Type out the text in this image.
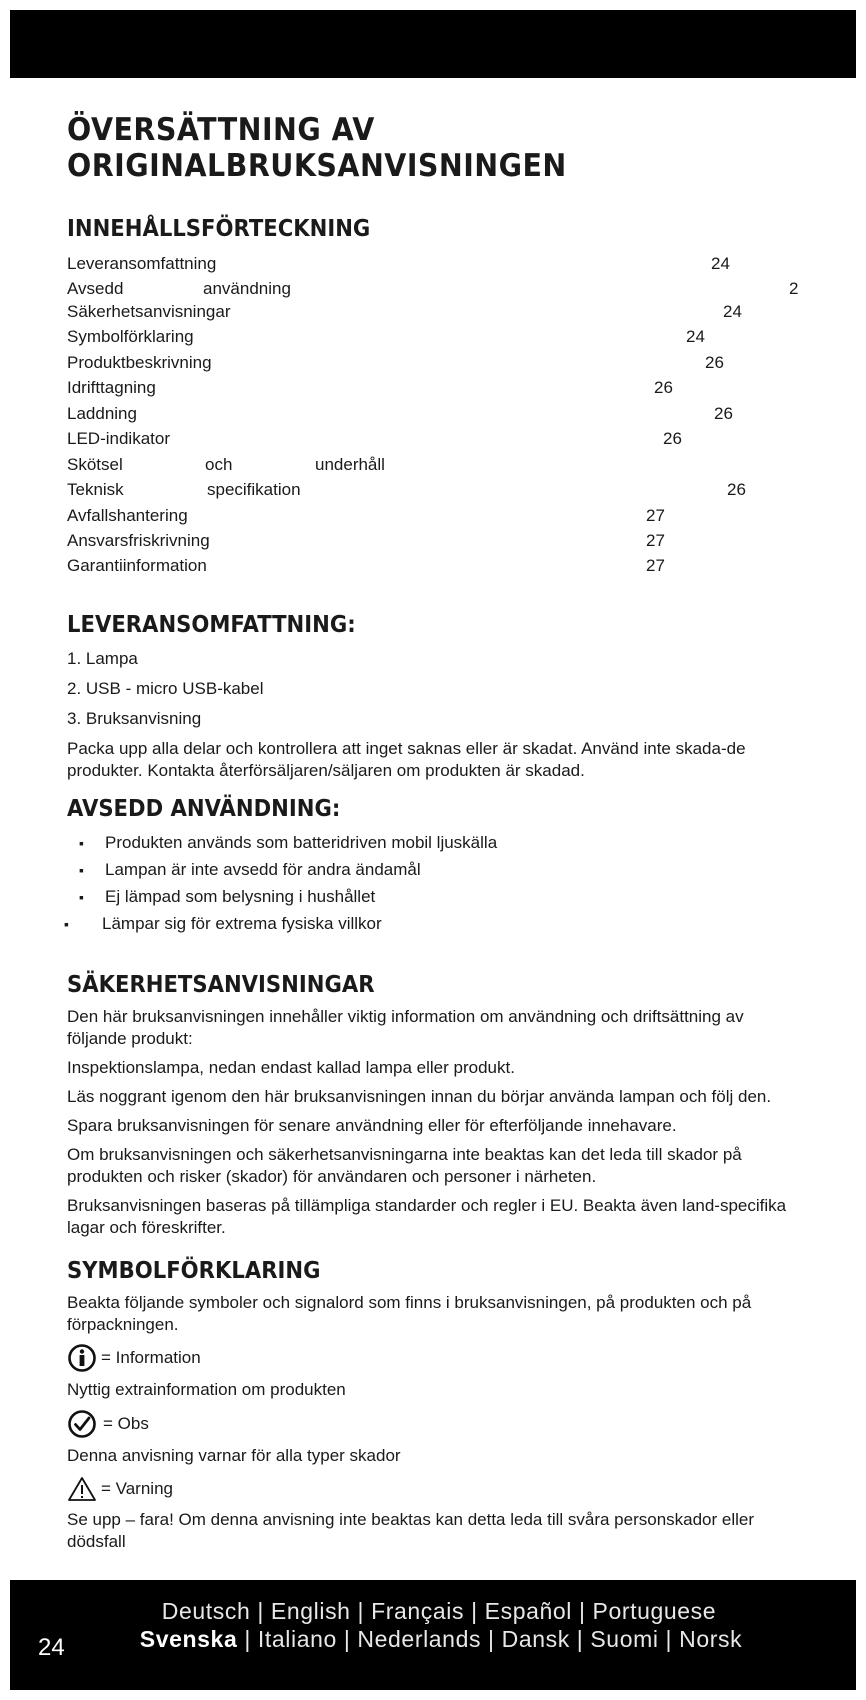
ÖVERSÄTTNING AV ORIGINALBRUKSANVISNINGEN
INNEHÅLLSFÖRTECKNING
Leveransomfattning	24
Avsedd	användning	2
Säkerhetsanvisningar	24
Symbolförklaring	24
Produktbeskrivning	26
Idrifttagning	26
Laddning	26
LED-indikator	26
Skötsel	och	underhåll
Teknisk	specifikation	26
Avfallshantering	27
Ansvarsfriskrivning	27
Garantiinformation	27
LEVERANSOMFATTNING:
1. Lampa
2. USB - micro USB-kabel
3. Bruksanvisning

Packa upp alla delar och kontrollera att inget saknas eller är skadat. Använd inte skada-de produkter. Kontakta återförsäljaren/säljaren om produkten är skadad.

AVSEDD ANVÄNDNING:
▪ Produkten används som batteridriven mobil ljuskälla
▪ Lampan är inte avsedd för andra ändamål
▪ Ej lämpad som belysning i hushållet
▪ Lämpar sig för extrema fysiska villkor
SÄKERHETSANVISNINGAR

Den här bruksanvisningen innehåller viktig information om användning och driftsättning av följande produkt:

Inspektionslampa, nedan endast kallad lampa eller produkt.

Läs noggrant igenom den här bruksanvisningen innan du börjar använda lampan och följ den.

Spara bruksanvisningen för senare användning eller för efterföljande innehavare.

Om bruksanvisningen och säkerhetsanvisningarna inte beaktas kan det leda till skador på produkten och risker (skador) för användaren och personer i närheten.

Bruksanvisningen baseras på tillämpliga standarder och regler i EU. Beakta även land-specifika lagar och föreskrifter.

SYMBOLFÖRKLARING

Beakta följande symboler och signalord som finns i bruksanvisningen, på produkten och på förpackningen.

= Information

Nyttig extrainformation om produkten

= Obs

Denna anvisning varnar för alla typer skador

= Varning

Se upp – fara! Om denna anvisning inte beaktas kan detta leda till svåra personskador eller dödsfall

Deutsch | English | Français | Español | Portuguese
Svenska | Italiano | Nederlands | Dansk | Suomi | Norsk
24
